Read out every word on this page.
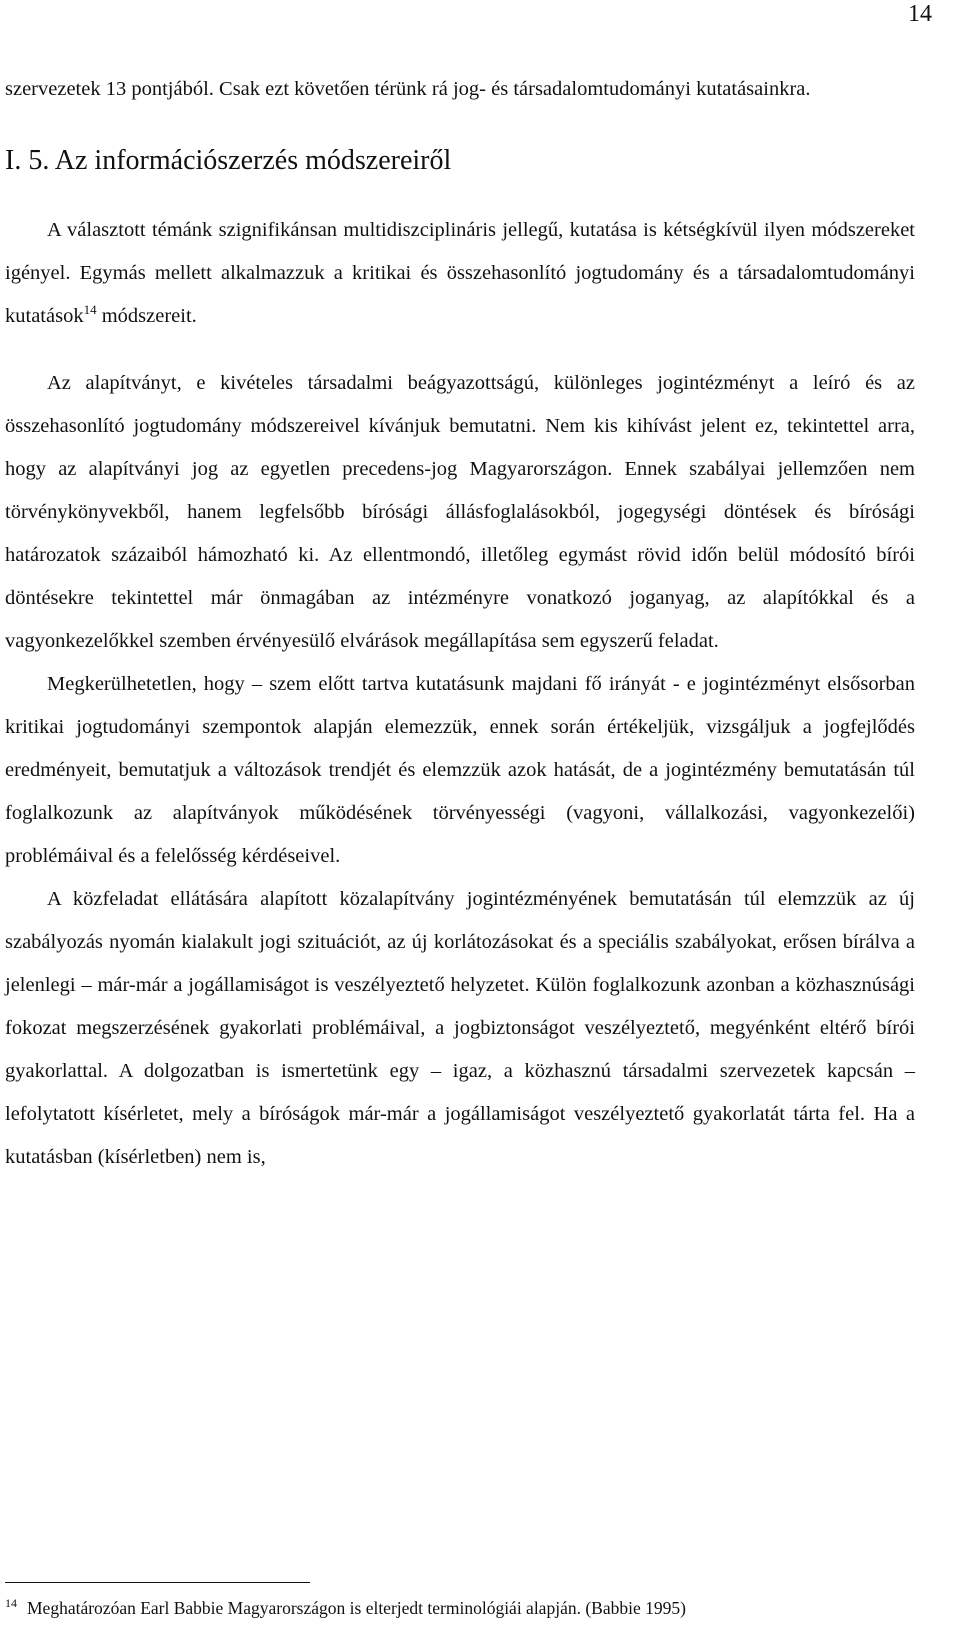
14

szervezetek 13 pontjából. Csak ezt követően térünk rá jog- és társadalomtudományi kutatásainkra.

I. 5. Az információszerzés módszereiről

A választott témánk szignifikánsan multidiszciplináris jellegű, kutatása is kétségkívül ilyen módszereket igényel. Egymás mellett alkalmazzuk a kritikai és összehasonlító jogtudomány és a társadalomtudományi kutatások$^{14}$ módszereit.

Az alapítványt, e kivételes társadalmi beágyazottságú, különleges jogintézményt a leíró és az összehasonlító jogtudomány módszereivel kívánjuk bemutatni. Nem kis kihívást jelent ez, tekintettel arra, hogy az alapítványi jog az egyetlen precedens-jog Magyarországon. Ennek szabályai jellemzően nem törvénykönyvekből, hanem legfelsőbb bírósági állásfoglalásokból, jogegységi döntések és bírósági határozatok százaiból hámozható ki. Az ellentmondó, illetőleg egymást rövid időn belül módosító bírói döntésekre tekintettel már önmagában az intézményre vonatkozó joganyag, az alapítókkal és a vagyonkezelőkkel szemben érvényesülő elvárások megállapítása sem egyszerű feladat.

Megkerülhetetlen, hogy – szem előtt tartva kutatásunk majdani fő irányát - e jogintézményt elsősorban kritikai jogtudományi szempontok alapján elemezzük, ennek során értékeljük, vizsgáljuk a jogfejlődés eredményeit, bemutatjuk a változások trendjét és elemzzük azok hatását, de a jogintézmény bemutatásán túl foglalkozunk az alapítványok működésének törvényességi (vagyoni, vállalkozási, vagyonkezelői) problémáival és a felelősség kérdéseivel.

A közfeladat ellátására alapított közalapítvány jogintézményének bemutatásán túl elemzzük az új szabályozás nyomán kialakult jogi szituációt, az új korlátozásokat és a speciális szabályokat, erősen bírálva a jelenlegi – már-már a jogállamiságot is veszélyeztető helyzetet. Külön foglalkozunk azonban a közhasznúsági fokozat megszerzésének gyakorlati problémáival, a jogbiztonságot veszélyeztető, megyénként eltérő bírói gyakorlattal. A dolgozatban is ismertetünk egy – igaz, a közhasznú társadalmi szervezetek kapcsán – lefolytatott kísérletet, mely a bíróságok már-már a jogállamiságot veszélyeztető gyakorlatát tárta fel. Ha a kutatásban (kísérletben) nem is,

$^{14}$ Meghatározóan Earl Babbie Magyarországon is elterjedt terminológiái alapján. (Babbie 1995)
